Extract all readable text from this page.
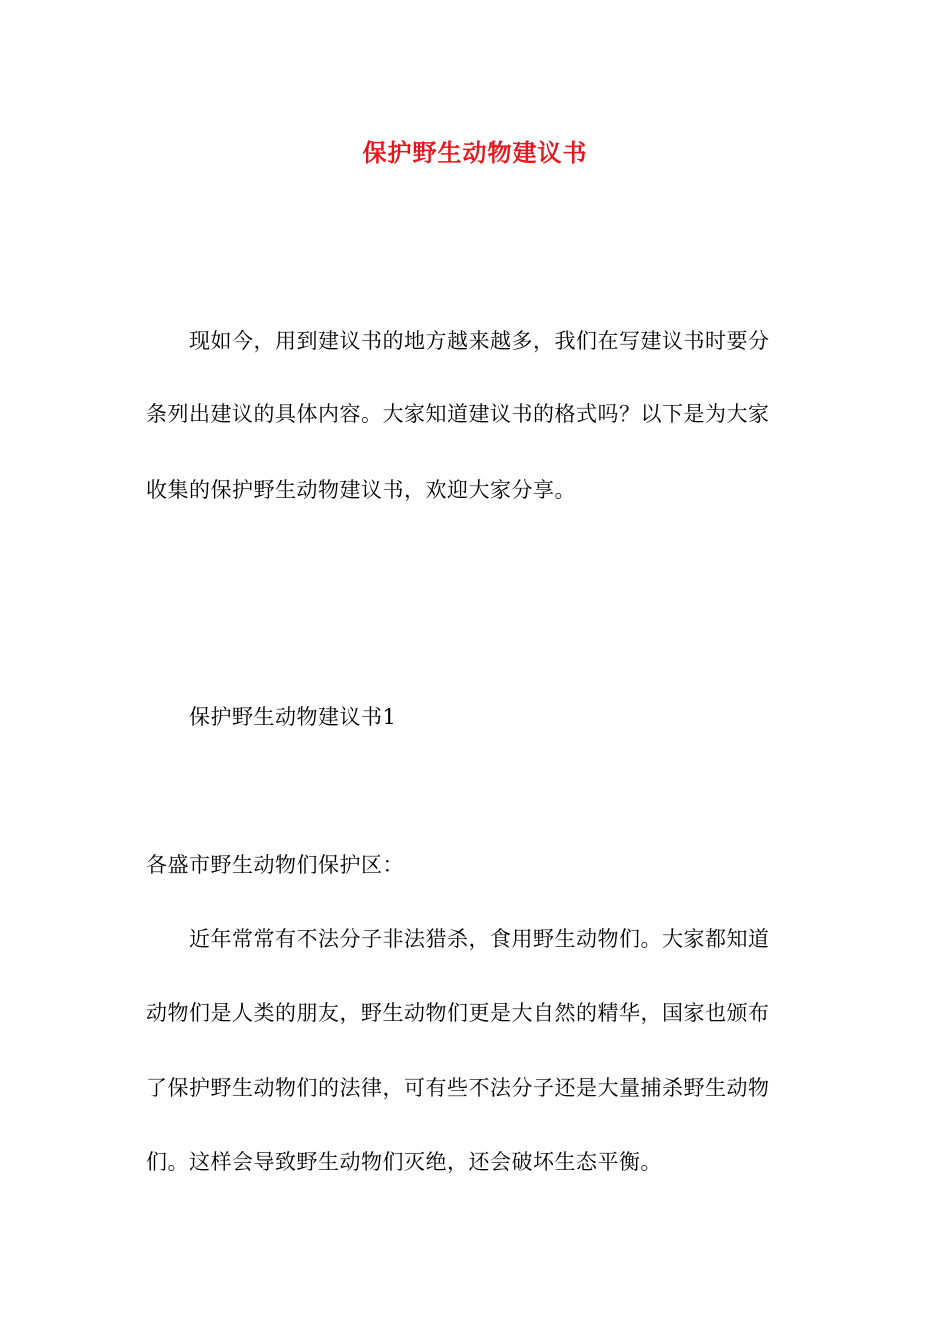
保护野生动物建议书
现如今，用到建议书的地方越来越多，我们在写建议书时要分
条列出建议的具体内容。大家知道建议书的格式吗？以下是为大家
收集的保护野生动物建议书，欢迎大家分享。
保护野生动物建议书1
各盛市野生动物们保护区：
近年常常有不法分子非法猎杀，食用野生动物们。大家都知道
动物们是人类的朋友，野生动物们更是大自然的精华，国家也颁布
了保护野生动物们的法律，可有些不法分子还是大量捕杀野生动物
们。这样会导致野生动物们灭绝，还会破坏生态平衡。
